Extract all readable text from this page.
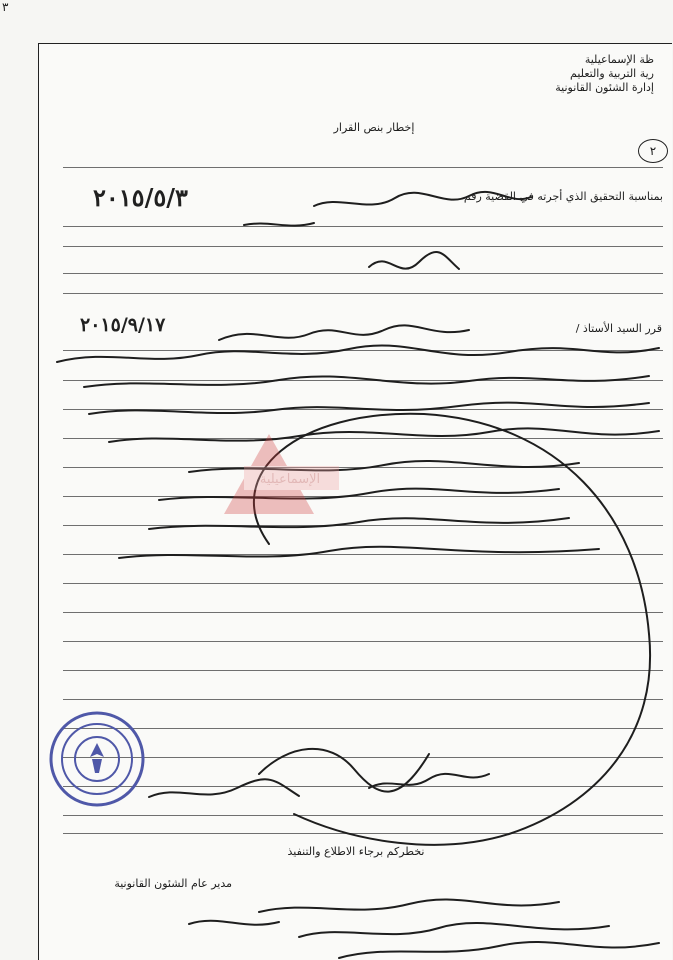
٣
ظة الإسماعيلية
رية التربية والتعليم
إدارة الشئون القانونية
إخطار بنص القرار
٢
بمناسبة التحقيق الذي أجرته في القضية رقم
٢٠١٥/٥/٣
قرر السيد الأستاذ /
٢٠١٥/٩/١٧
نخطركم برجاء الاطلاع والتنفيذ
مدير عام الشئون القانونية
الإسماعيلية
